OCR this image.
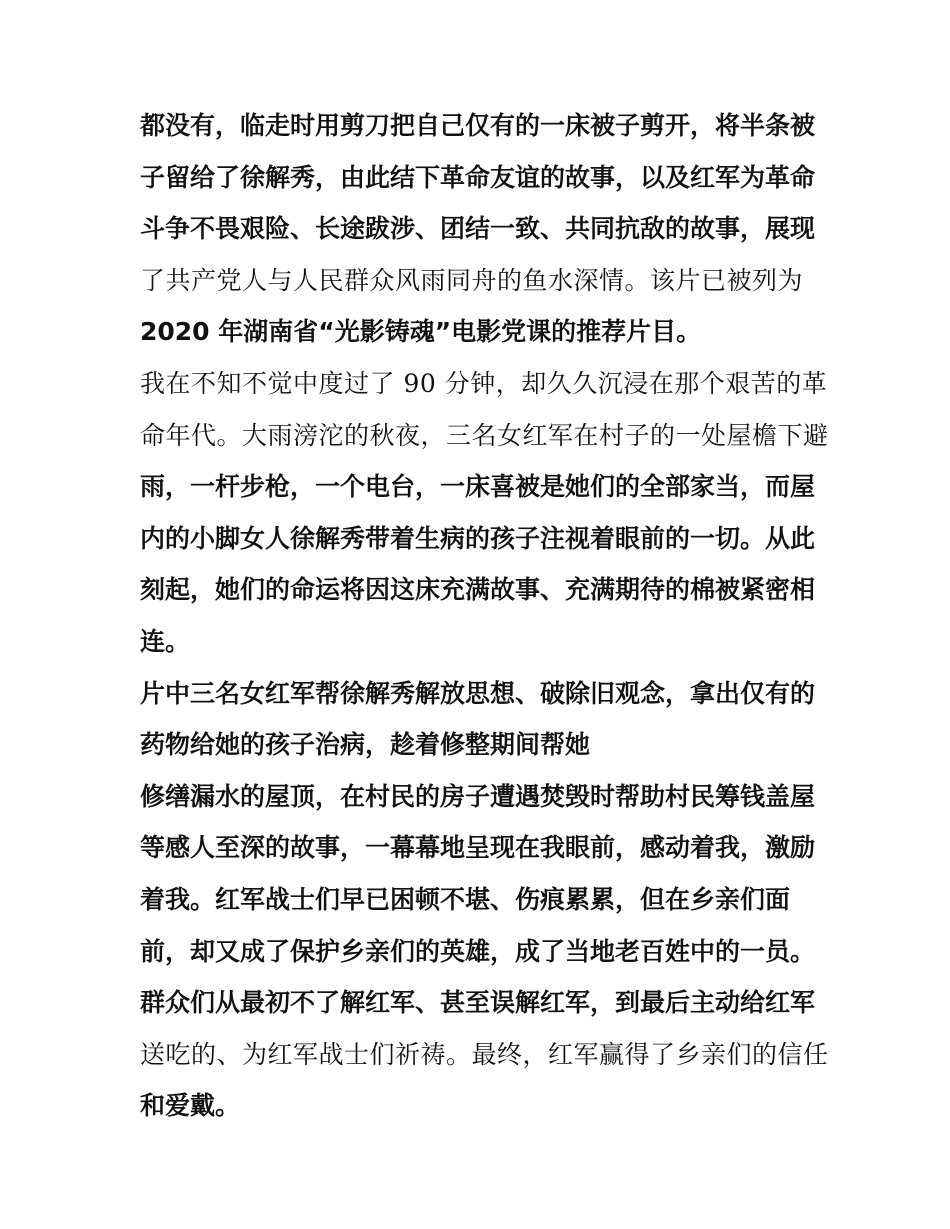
都没有，临走时用剪刀把自己仅有的一床被子剪开，将半条被
子留给了徐解秀，由此结下革命友谊的故事，以及红军为革命
斗争不畏艰险、长途跋涉、团结一致、共同抗敌的故事，展现
了共产党人与人民群众风雨同舟的鱼水深情。该片已被列为
2020 年湖南省“光影铸魂”电影党课的推荐片目。
我在不知不觉中度过了 90 分钟，却久久沉浸在那个艰苦的革
命年代。大雨滂沱的秋夜，三名女红军在村子的一处屋檐下避
雨，一杆步枪，一个电台，一床喜被是她们的全部家当，而屋
内的小脚女人徐解秀带着生病的孩子注视着眼前的一切。从此
刻起，她们的命运将因这床充满故事、充满期待的棉被紧密相
连。
片中三名女红军帮徐解秀解放思想、破除旧观念，拿出仅有的
药物给她的孩子治病，趁着修整期间帮她
修缮漏水的屋顶，在村民的房子遭遇焚毁时帮助村民筹钱盖屋
等感人至深的故事，一幕幕地呈现在我眼前，感动着我，激励
着我。红军战士们早已困顿不堪、伤痕累累，但在乡亲们面
前，却又成了保护乡亲们的英雄，成了当地老百姓中的一员。
群众们从最初不了解红军、甚至误解红军，到最后主动给红军
送吃的、为红军战士们祈祷。最终，红军赢得了乡亲们的信任
和爱戴。
